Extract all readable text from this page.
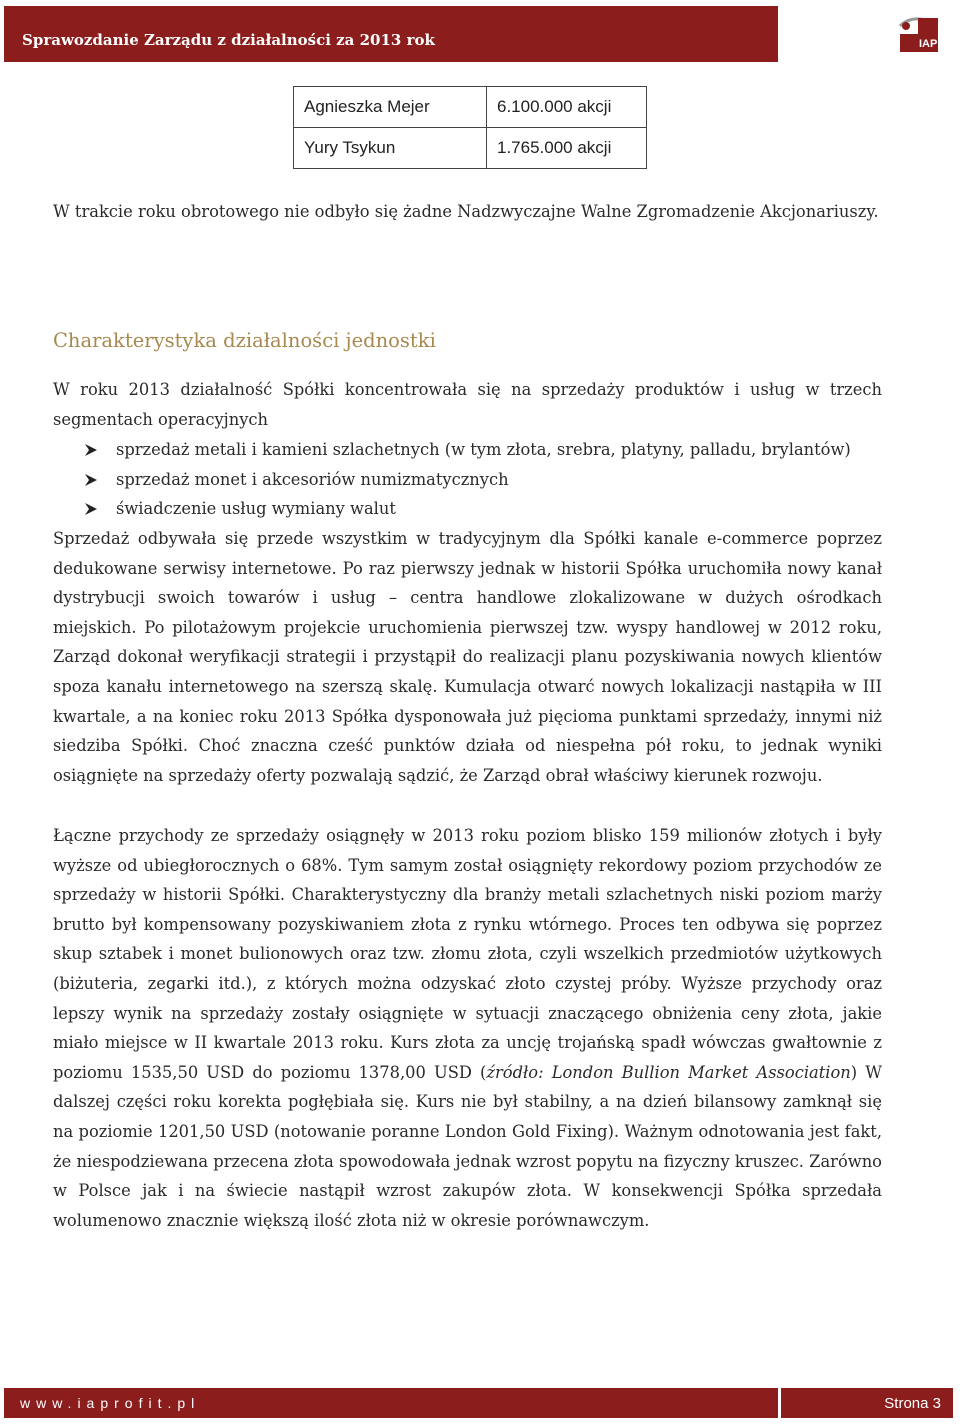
Sprawozdanie Zarządu z działalności za 2013 rok	IAP
Agnieszka Mejer	6.100.000 akcji
Yury Tsykun	1.765.000 akcji

W trakcie roku obrotowego nie odbyło się żadne Nadzwyczajne Walne Zgromadzenie Akcjonariuszy.

Charakterystyka działalności jednostki

W roku 2013 działalność Spółki koncentrowała się na sprzedaży produktów i usług w trzech segmentach operacyjnych

sprzedaż metali i kamieni szlachetnych (w tym złota, srebra, platyny, palladu, brylantów)
sprzedaż monet i akcesoriów numizmatycznych
świadczenie usług wymiany walut

Sprzedaż odbywała się przede wszystkim w tradycyjnym dla Spółki kanale e-commerce poprzez dedukowane serwisy internetowe. Po raz pierwszy jednak w historii Spółka uruchomiła nowy kanał dystrybucji swoich towarów i usług – centra handlowe zlokalizowane w dużych ośrodkach miejskich. Po pilotażowym projekcie uruchomienia pierwszej tzw. wyspy handlowej w 2012 roku, Zarząd dokonał weryfikacji strategii i przystąpił do realizacji planu pozyskiwania nowych klientów spoza kanału internetowego na szerszą skalę. Kumulacja otwarć nowych lokalizacji nastąpiła w III kwartale, a na koniec roku 2013 Spółka dysponowała już pięcioma punktami sprzedaży, innymi niż siedziba Spółki. Choć znaczna cześć punktów działa od niespełna pół roku, to jednak wyniki osiągnięte na sprzedaży oferty pozwalają sądzić, że Zarząd obrał właściwy kierunek rozwoju.

Łączne przychody ze sprzedaży osiągnęły w 2013 roku poziom blisko 159 milionów złotych i były wyższe od ubiegłorocznych o 68%. Tym samym został osiągnięty rekordowy poziom przychodów ze sprzedaży w historii Spółki. Charakterystyczny dla branży metali szlachetnych niski poziom marży brutto był kompensowany pozyskiwaniem złota z rynku wtórnego. Proces ten odbywa się poprzez skup sztabek i monet bulionowych oraz tzw. złomu złota, czyli wszelkich przedmiotów użytkowych (biżuteria, zegarki itd.), z których można odzyskać złoto czystej próby. Wyższe przychody oraz lepszy wynik na sprzedaży zostały osiągnięte w sytuacji znaczącego obniżenia ceny złota, jakie miało miejsce w II kwartale 2013 roku. Kurs złota za uncję trojańską spadł wówczas gwałtownie z poziomu 1535,50 USD do poziomu 1378,00 USD (źródło: London Bullion Market Association) W dalszej części roku korekta pogłębiała się. Kurs nie był stabilny, a na dzień bilansowy zamknął się na poziomie 1201,50 USD (notowanie poranne London Gold Fixing). Ważnym odnotowania jest fakt, że niespodziewana przecena złota spowodowała jednak wzrost popytu na fizyczny kruszec. Zarówno w Polsce jak i na świecie nastąpił wzrost zakupów złota. W konsekwencji Spółka sprzedała wolumenowo znacznie większą ilość złota niż w okresie porównawczym.

www.iaprofit.pl	Strona 3
